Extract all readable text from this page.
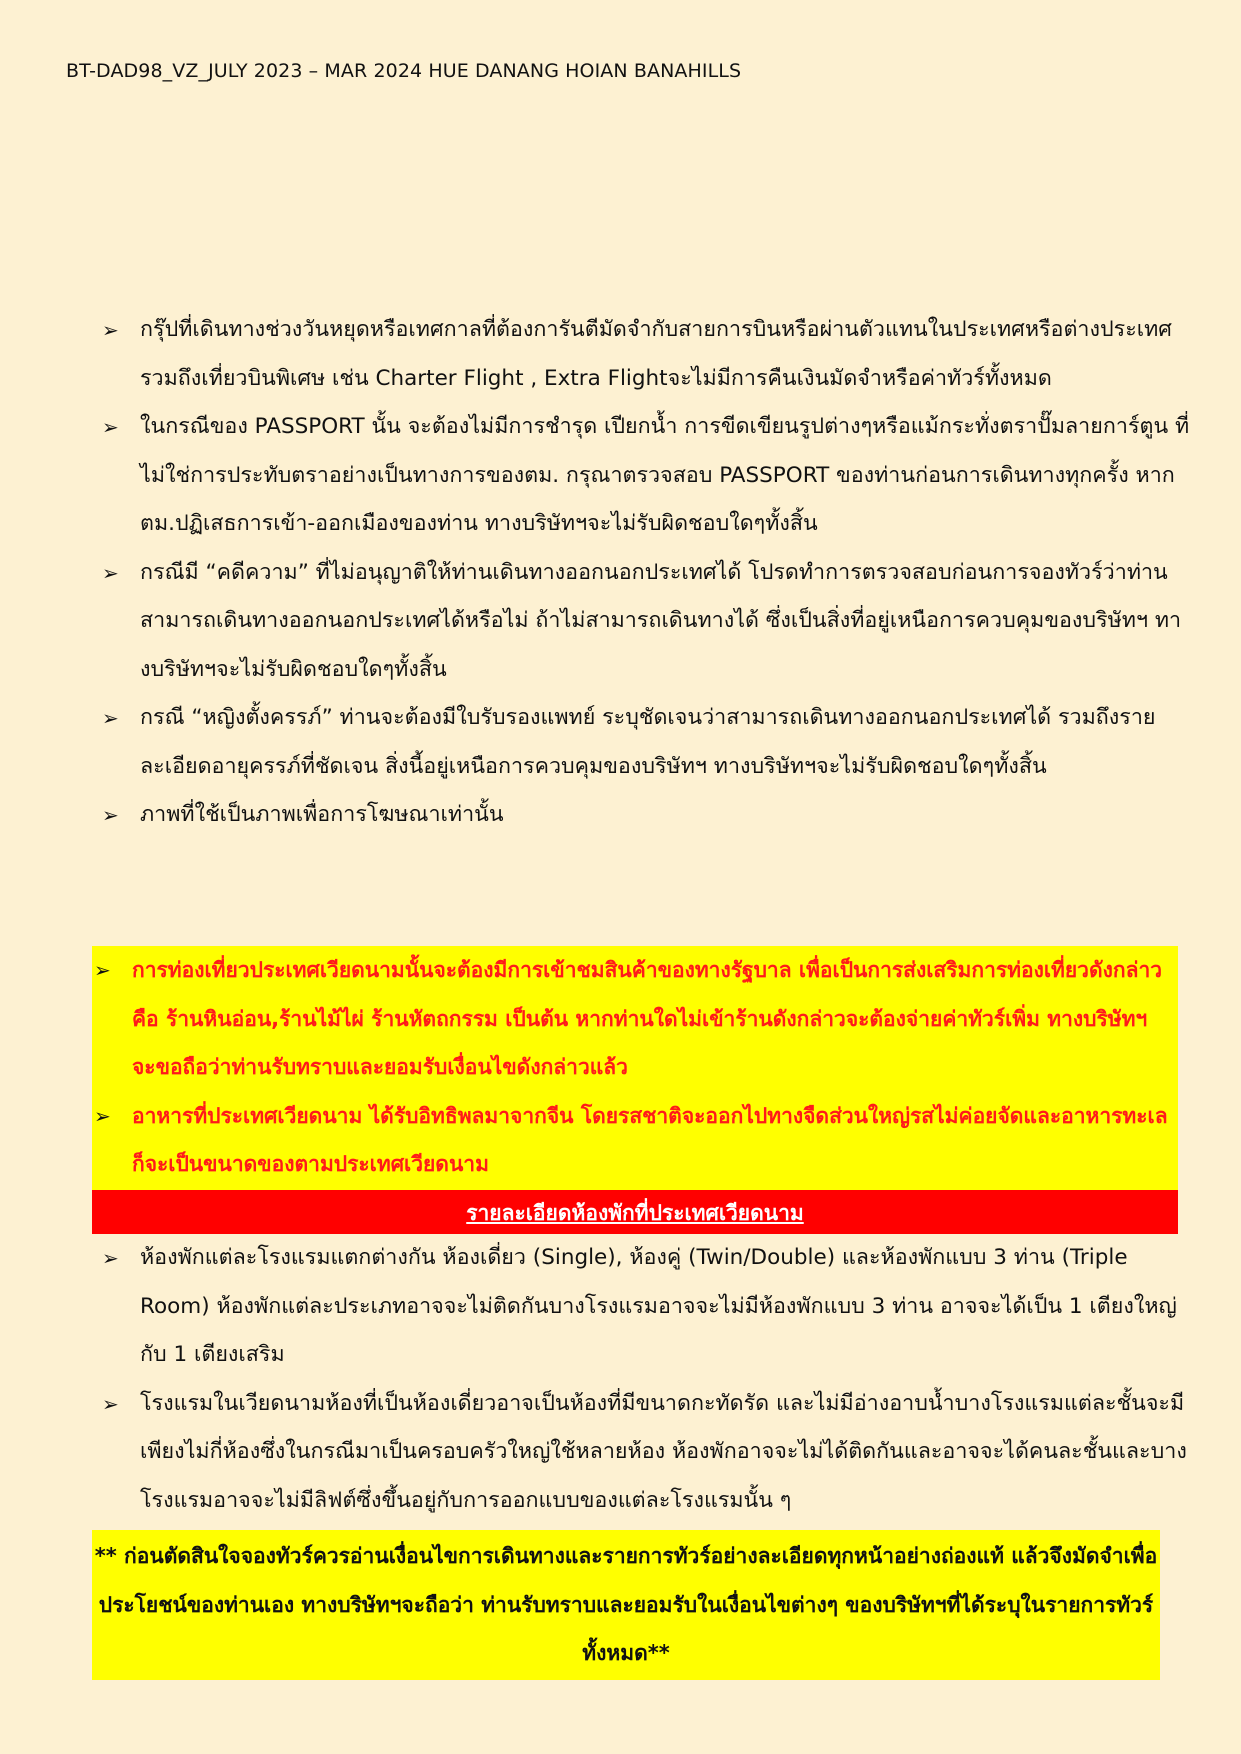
BT-DAD98_VZ_JULY 2023 – MAR 2024 HUE DANANG HOIAN BANAHILLS
➢ กรุ๊ปที่เดินทางช่วงวันหยุดหรือเทศกาลที่ต้องการันตีมัดจำกับสายการบินหรือผ่านตัวแทนในประเทศหรือต่างประเทศ รวมถึงเที่ยวบินพิเศษ เช่น Charter Flight , Extra Flightจะไม่มีการคืนเงินมัดจำหรือค่าทัวร์ทั้งหมด
➢ ในกรณีของ PASSPORT นั้น จะต้องไม่มีการชำรุด เปียกน้ำ การขีดเขียนรูปต่างๆหรือแม้กระทั่งตราปั๊มลายการ์ตูน ที่ไม่ใช่การประทับตราอย่างเป็นทางการของตม. กรุณาตรวจสอบ PASSPORT ของท่านก่อนการเดินทางทุกครั้ง หาก ตม.ปฏิเสธการเข้า-ออกเมืองของท่าน ทางบริษัทฯจะไม่รับผิดชอบใดๆทั้งสิ้น
➢ กรณีมี “คดีความ” ที่ไม่อนุญาติให้ท่านเดินทางออกนอกประเทศได้ โปรดทำการตรวจสอบก่อนการจองทัวร์ว่าท่านสามารถเดินทางออกนอกประเทศได้หรือไม่ ถ้าไม่สามารถเดินทางได้ ซึ่งเป็นสิ่งที่อยู่เหนือการควบคุมของบริษัทฯ ทางบริษัทฯจะไม่รับผิดชอบใดๆทั้งสิ้น
➢ กรณี “หญิงตั้งครรภ์” ท่านจะต้องมีใบรับรองแพทย์ ระบุชัดเจนว่าสามารถเดินทางออกนอกประเทศได้ รวมถึงรายละเอียดอายุครรภ์ที่ชัดเจน สิ่งนี้อยู่เหนือการควบคุมของบริษัทฯ ทางบริษัทฯจะไม่รับผิดชอบใดๆทั้งสิ้น
➢ ภาพที่ใช้เป็นภาพเพื่อการโฆษณาเท่านั้น
➢ การท่องเที่ยวประเทศเวียดนามนั้นจะต้องมีการเข้าชมสินค้าของทางรัฐบาล เพื่อเป็นการส่งเสริมการท่องเที่ยวดังกล่าว คือ ร้านหินอ่อน,ร้านไม้ไผ่ ร้านหัตถกรรม เป็นต้น หากท่านใดไม่เข้าร้านดังกล่าวจะต้องจ่ายค่าทัวร์เพิ่ม ทางบริษัทฯ จะขอถือว่าท่านรับทราบและยอมรับเงื่อนไขดังกล่าวแล้ว
➢ อาหารที่ประเทศเวียดนาม ได้รับอิทธิพลมาจากจีน โดยรสชาติจะออกไปทางจืดส่วนใหญ่รสไม่ค่อยจัดและอาหารทะเลก็จะเป็นขนาดของตามประเทศเวียดนาม
รายละเอียดห้องพักที่ประเทศเวียดนาม
➢ ห้องพักแต่ละโรงแรมแตกต่างกัน ห้องเดี่ยว (Single), ห้องคู่ (Twin/Double) และห้องพักแบบ 3 ท่าน (Triple Room) ห้องพักแต่ละประเภทอาจจะไม่ติดกันบางโรงแรมอาจจะไม่มีห้องพักแบบ 3 ท่าน อาจจะได้เป็น 1 เตียงใหญ่กับ 1 เตียงเสริม
➢ โรงแรมในเวียดนามห้องที่เป็นห้องเดี่ยวอาจเป็นห้องที่มีขนาดกะทัดรัด และไม่มีอ่างอาบน้ำบางโรงแรมแต่ละชั้นจะมี เพียงไม่กี่ห้องซึ่งในกรณีมาเป็นครอบครัวใหญ่ใช้หลายห้อง ห้องพักอาจจะไม่ได้ติดกันและอาจจะได้คนละชั้นและบาง โรงแรมอาจจะไม่มีลิฟต์ซึ่งขึ้นอยู่กับการออกแบบของแต่ละโรงแรมนั้น ๆ
** ก่อนตัดสินใจจองทัวร์ควรอ่านเงื่อนไขการเดินทางและรายการทัวร์อย่างละเอียดทุกหน้าอย่างถ่องแท้ แล้วจึงมัดจำเพื่อประโยชน์ของท่านเอง ทางบริษัทฯจะถือว่า ท่านรับทราบและยอมรับในเงื่อนไขต่างๆ ของบริษัทฯที่ได้ระบุในรายการทัวร์ทั้งหมด**
